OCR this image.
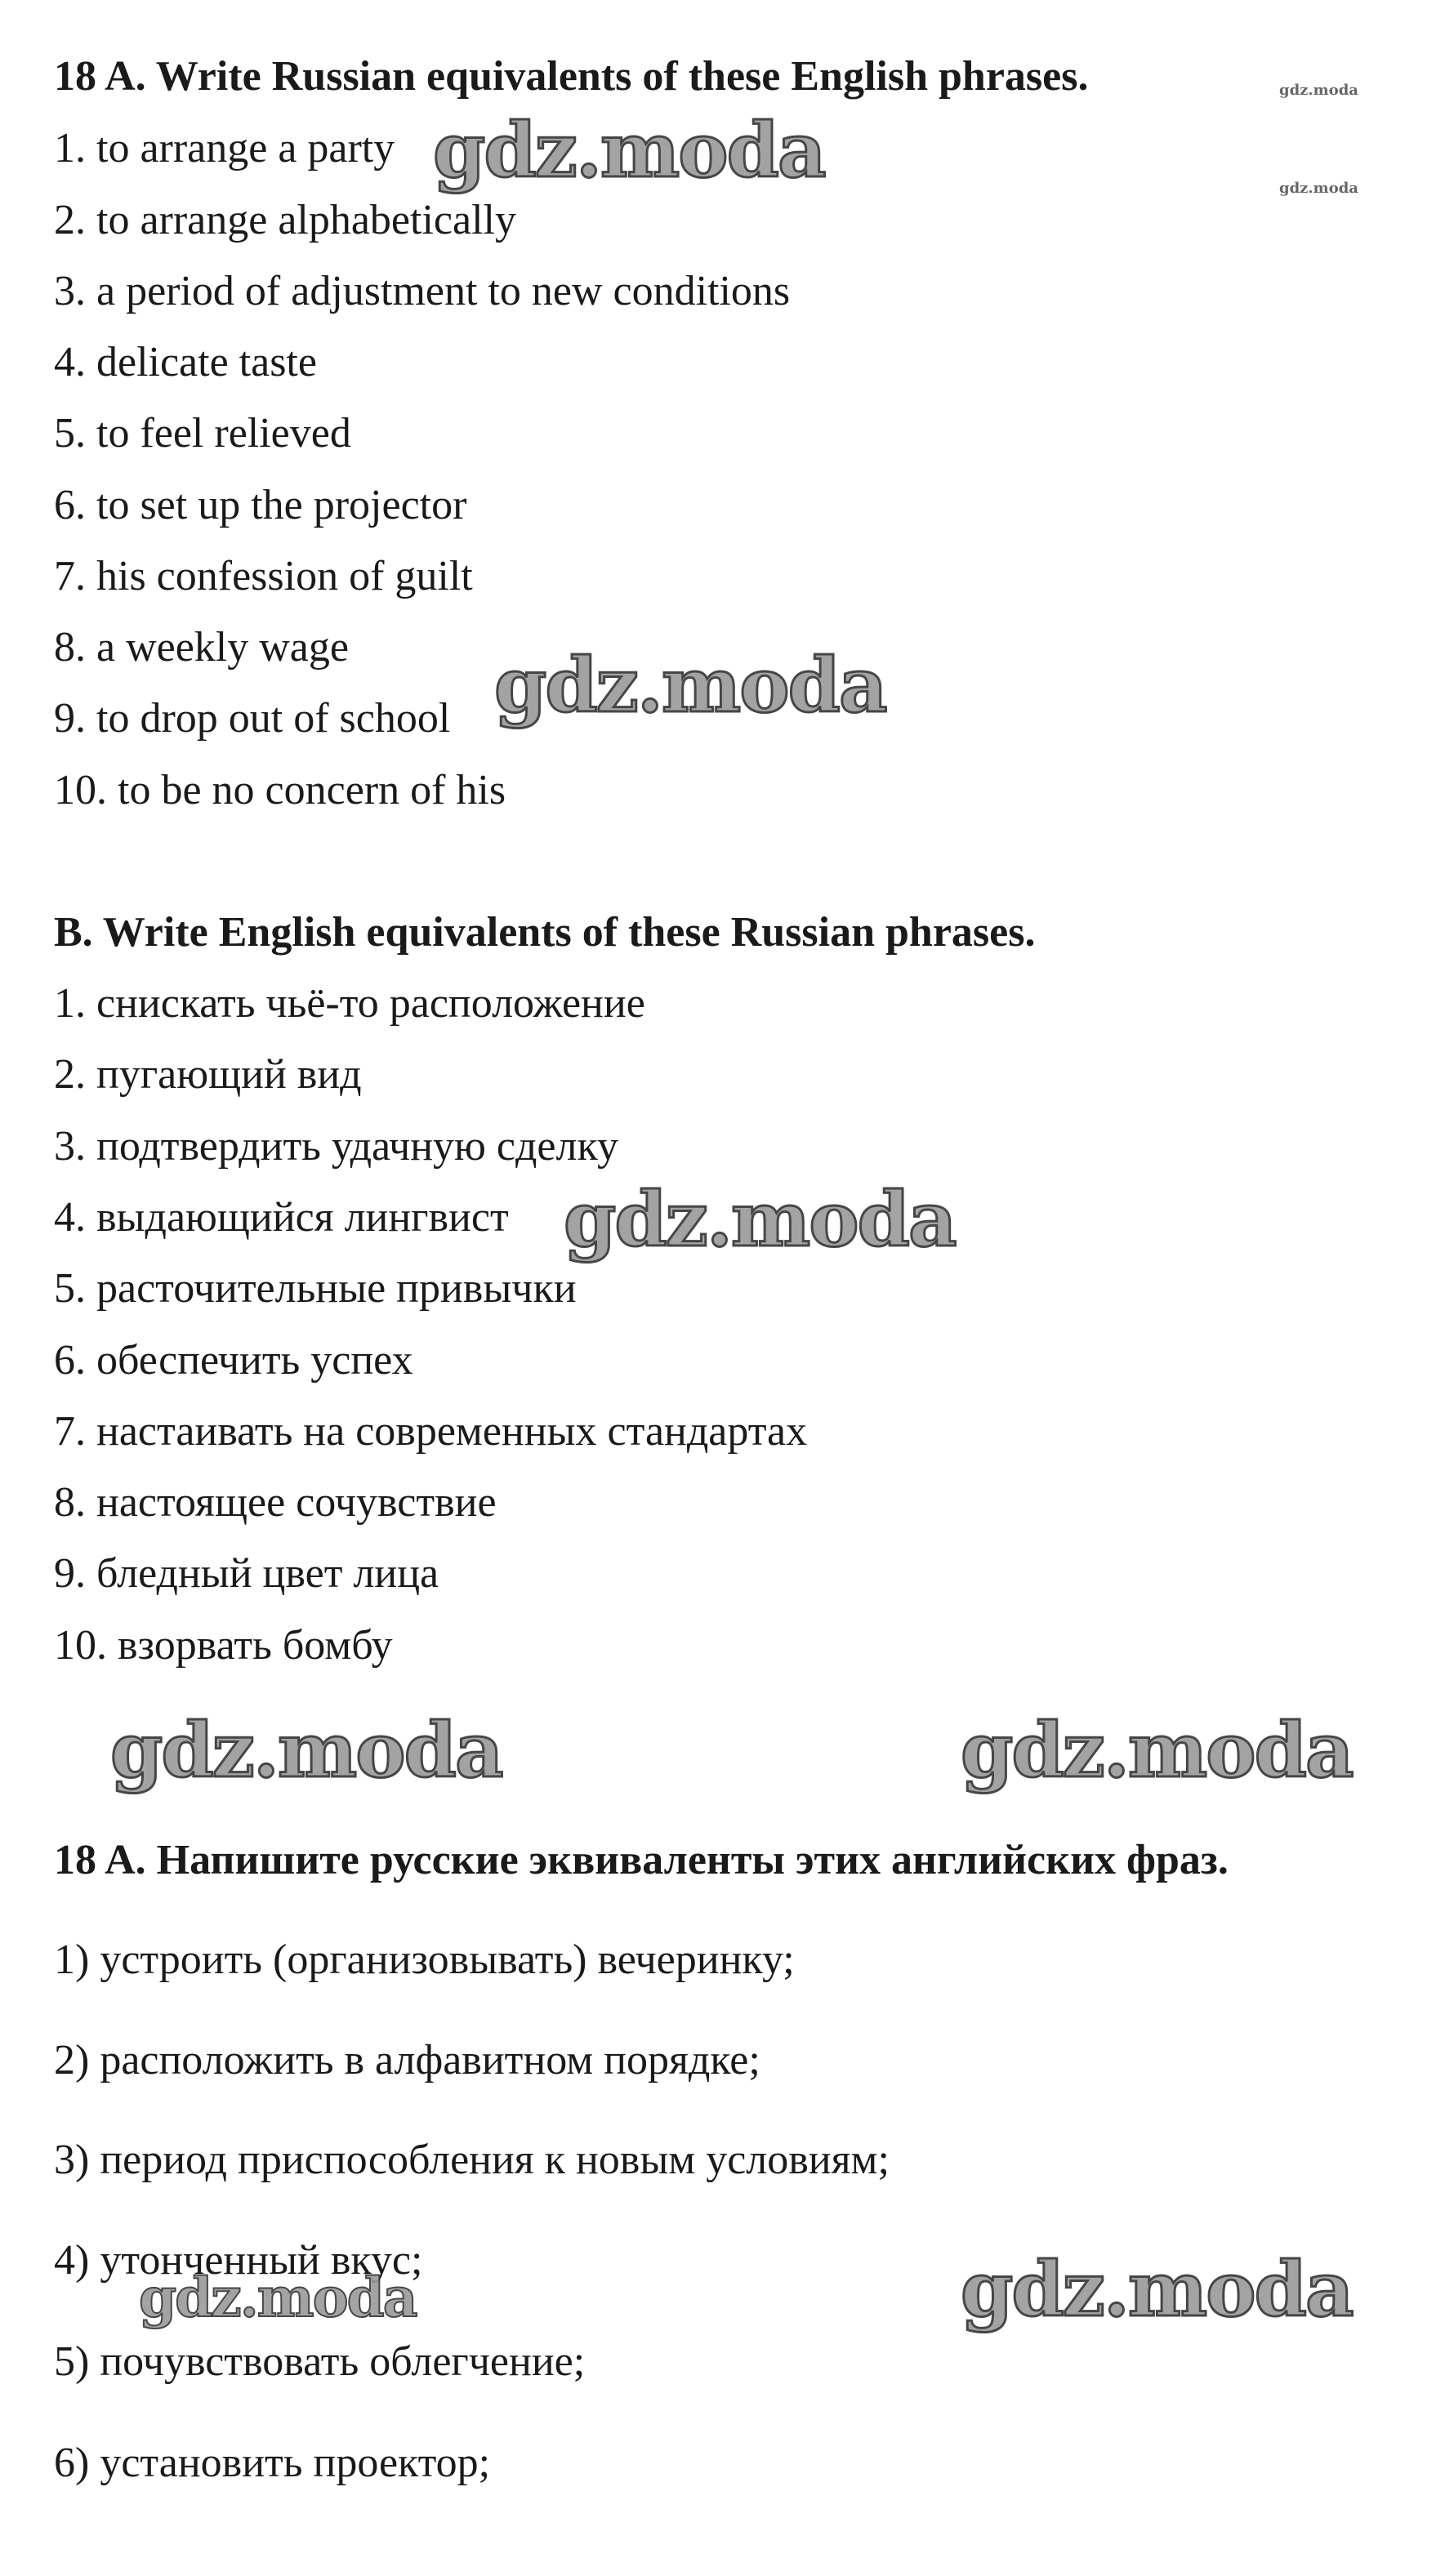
18 A. Write Russian equivalents of these English phrases.
1. to arrange a party
2. to arrange alphabetically
3. a period of adjustment to new conditions
4. delicate taste
5. to feel relieved
6. to set up the projector
7. his confession of guilt
8. a weekly wage
9. to drop out of school
10. to be no concern of his
B. Write English equivalents of these Russian phrases.
1. снискать чьё-то расположение
2. пугающий вид
3. подтвердить удачную сделку
4. выдающийся лингвист
5. расточительные привычки
6. обеспечить успех
7. настаивать на современных стандартах
8. настоящее сочувствие
9. бледный цвет лица
10. взорвать бомбу
18 A. Напишите русские эквиваленты этих английских фраз.
1) устроить (организовывать) вечеринку;
2) расположить в алфавитном порядке;
3) период приспособления к новым условиям;
4) утонченный вкус;
5) почувствовать облегчение;
6) установить проектор;
gdz.moda
gdz.moda
gdz.moda
gdz.moda
gdz.moda
gdz.moda	gdz.moda
gdz.moda
gdz.moda
